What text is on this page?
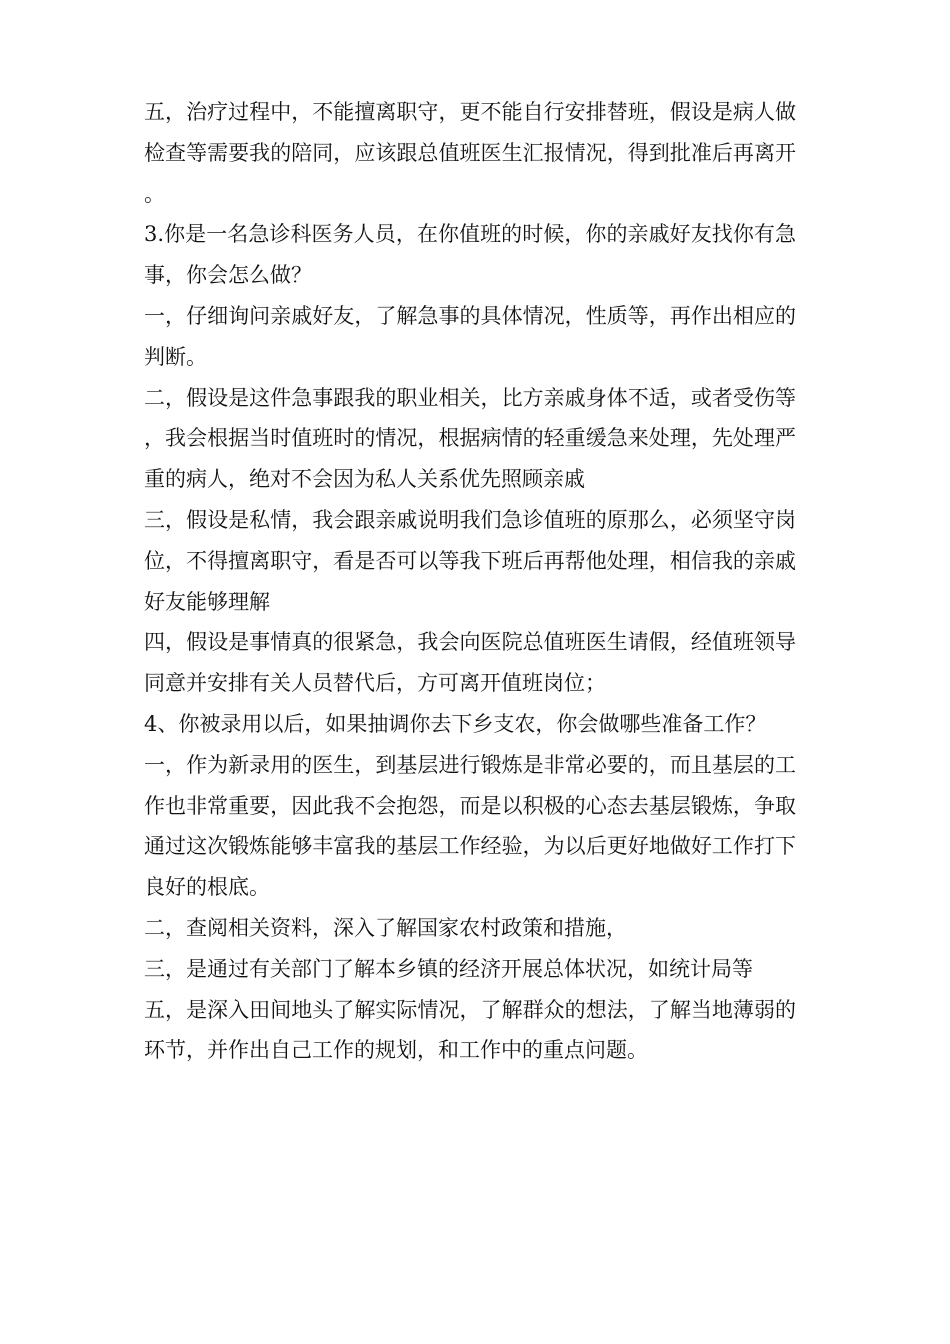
五，治疗过程中，不能擅离职守，更不能自行安排替班，假设是病人做检查等需要我的陪同，应该跟总值班医生汇报情况，得到批准后再离开。

3.你是一名急诊科医务人员，在你值班的时候，你的亲戚好友找你有急事，你会怎么做？

一，仔细询问亲戚好友，了解急事的具体情况，性质等，再作出相应的判断。

二，假设是这件急事跟我的职业相关，比方亲戚身体不适，或者受伤等，我会根据当时值班时的情况，根据病情的轻重缓急来处理，先处理严重的病人，绝对不会因为私人关系优先照顾亲戚

三，假设是私情，我会跟亲戚说明我们急诊值班的原那么，必须坚守岗位，不得擅离职守，看是否可以等我下班后再帮他处理，相信我的亲戚好友能够理解

四，假设是事情真的很紧急，我会向医院总值班医生请假，经值班领导同意并安排有关人员替代后，方可离开值班岗位；

4、你被录用以后，如果抽调你去下乡支农，你会做哪些准备工作？

一，作为新录用的医生，到基层进行锻炼是非常必要的，而且基层的工作也非常重要，因此我不会抱怨，而是以积极的心态去基层锻炼，争取通过这次锻炼能够丰富我的基层工作经验，为以后更好地做好工作打下良好的根底。

二，查阅相关资料，深入了解国家农村政策和措施，

三，是通过有关部门了解本乡镇的经济开展总体状况，如统计局等

五，是深入田间地头了解实际情况，了解群众的想法，了解当地薄弱的环节，并作出自己工作的规划，和工作中的重点问题。
